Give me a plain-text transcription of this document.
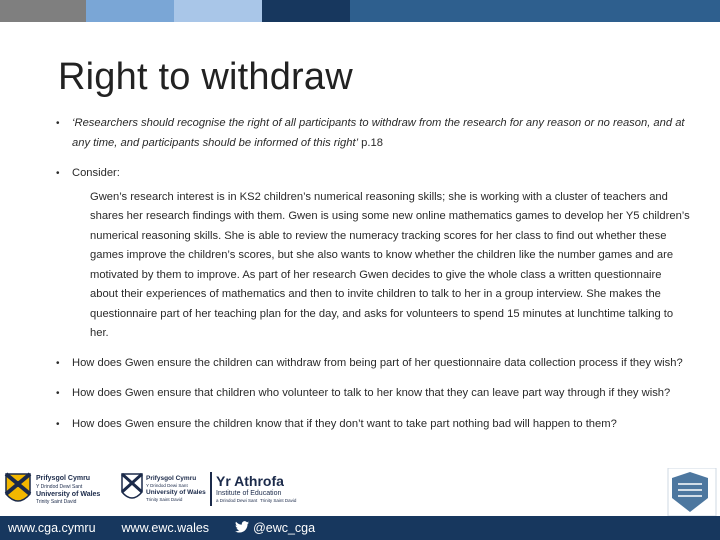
Right to withdraw
•	‘Researchers should recognise the right of all participants to withdraw from the research for any reason or no reason, and at any time, and participants should be informed of this right’ p.18
•	Consider:
Gwen’s research interest is in KS2 children’s numerical reasoning skills; she is working with a cluster of teachers and shares her research findings with them. Gwen is using some new online mathematics games to develop her Y5 children’s numerical reasoning skills. She is able to review the numeracy tracking scores for her class to find out whether these games improve the children’s scores, but she also wants to know whether the children like the number games and are motivated by them to improve. As part of her research Gwen decides to give the whole class a written questionnaire about their experiences of mathematics and then to invite children to talk to her in a group interview. She makes the questionnaire part of her teaching plan for the day, and asks for volunteers to spend 15 minutes at lunchtime talking to her.
•	How does Gwen ensure the children can withdraw from being part of her questionnaire data collection process if they wish?
•	How does Gwen ensure that children who volunteer to talk to her know that they can leave part way through if they wish?
•	How does Gwen ensure the children know that if they don’t want to take part nothing bad will happen to them?
Prifysgol Cymru
Y Drindod Dewi Sant
University of Wales
Trinity Saint David
Prifysgol Cymru
Y Drindod Dewi Sant
University of Wales
Trinity Saint David
Yr Athrofa
Institute of Education
a Drindod Dewi Sant Trinity Saint David
www.cga.cymru www.ewc.wales	@ewc_cga
